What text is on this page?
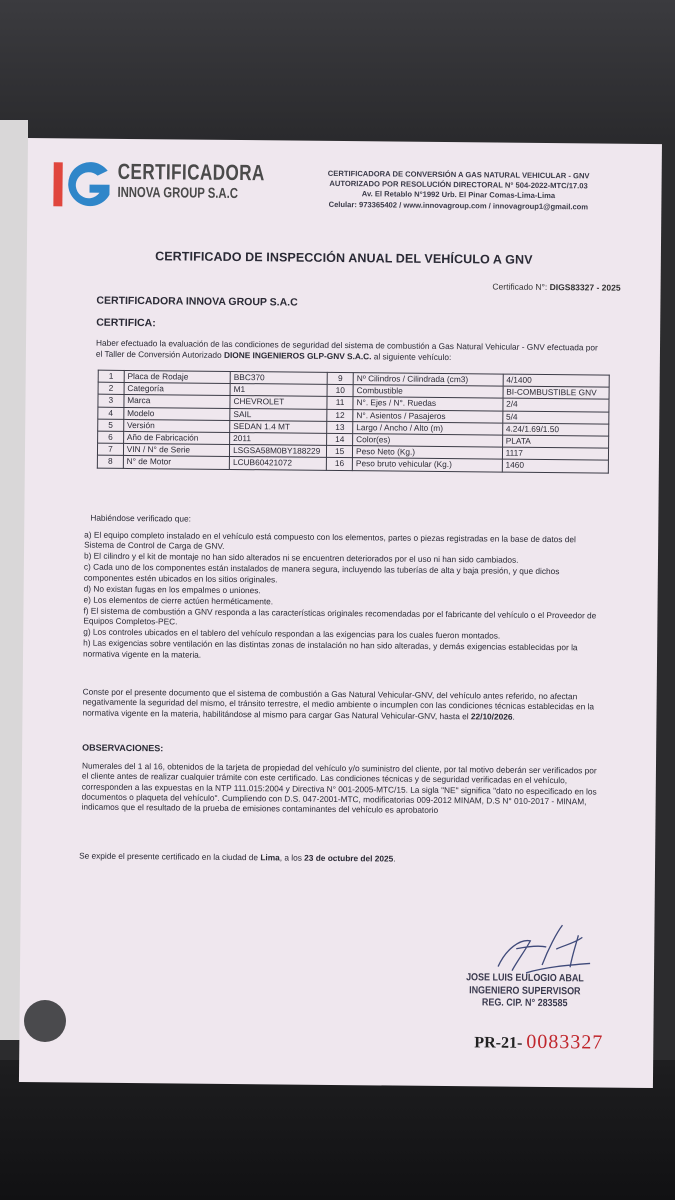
CERTIFICADORA
INNOVA GROUP S.A.C
CERTIFICADORA DE CONVERSIÓN A GAS NATURAL VEHICULAR - GNV
AUTORIZADO POR RESOLUCIÓN DIRECTORAL N° 504-2022-MTC/17.03
Av. El Retablo N°1992 Urb. El Pinar Comas-Lima-Lima
Celular: 973365402 / www.innovagroup.com / innovagroup1@gmail.com
CERTIFICADO DE INSPECCIÓN ANUAL DEL VEHÍCULO A GNV
Certificado N°: DIGS83327 - 2025
CERTIFICADORA INNOVA GROUP S.A.C
CERTIFICA:
Haber efectuado la evaluación de las condiciones de seguridad del sistema de combustión a Gas Natural Vehicular - GNV efectuada por el Taller de Conversión Autorizado DIONE INGENIEROS GLP-GNV S.A.C. al siguiente vehículo:
1	Placa de Rodaje	BBC370	9	Nº Cilindros / Cilindrada (cm3)	4/1400
2	Categoría	M1	10	Combustible	BI-COMBUSTIBLE GNV
3	Marca	CHEVROLET	11	N°. Ejes / N°. Ruedas	2/4
4	Modelo	SAIL	12	N°. Asientos / Pasajeros	5/4
5	Versión	SEDAN 1.4 MT	13	Largo / Ancho / Alto (m)	4.24/1.69/1.50
6	Año de Fabricación	2011	14	Color(es)	PLATA
7	VIN / N° de Serie	LSGSA58M0BY188229	15	Peso Neto (Kg.)	1117
8	N° de Motor	LCUB60421072	16	Peso bruto vehicular (Kg.)	1460
Habiéndose verificado que:
a) El equipo completo instalado en el vehículo está compuesto con los elementos, partes o piezas registradas en la base de datos del Sistema de Control de Carga de GNV.
b) El cilindro y el kit de montaje no han sido alterados ni se encuentren deteriorados por el uso ni han sido cambiados.
c) Cada uno de los componentes están instalados de manera segura, incluyendo las tuberías de alta y baja presión, y que dichos componentes estén ubicados en los sitios originales.
d) No existan fugas en los empalmes o uniones.
e) Los elementos de cierre actúen herméticamente.
f) El sistema de combustión a GNV responda a las características originales recomendadas por el fabricante del vehículo o el Proveedor de Equipos Completos-PEC.
g) Los controles ubicados en el tablero del vehículo respondan a las exigencias para los cuales fueron montados.
h) Las exigencias sobre ventilación en las distintas zonas de instalación no han sido alteradas, y demás exigencias establecidas por la normativa vigente en la materia.
Conste por el presente documento que el sistema de combustión a Gas Natural Vehicular-GNV, del vehículo antes referido, no afectan negativamente la seguridad del mismo, el tránsito terrestre, el medio ambiente o incumplen con las condiciones técnicas establecidas en la normativa vigente en la materia, habilitándose al mismo para cargar Gas Natural Vehicular-GNV, hasta el 22/10/2026.
OBSERVACIONES:
Numerales del 1 al 16, obtenidos de la tarjeta de propiedad del vehículo y/o suministro del cliente, por tal motivo deberán ser verificados por el cliente antes de realizar cualquier trámite con este certificado. Las condiciones técnicas y de seguridad verificadas en el vehículo, corresponden a las expuestas en la NTP 111.015:2004 y Directiva N° 001-2005-MTC/15. La sigla "NE" significa "dato no especificado en los documentos o plaqueta del vehículo". Cumpliendo con D.S. 047-2001-MTC, modificatorias 009-2012 MINAM, D.S N° 010-2017 - MINAM, indicamos que el resultado de la prueba de emisiones contaminantes del vehículo es aprobatorio
Se expide el presente certificado en la ciudad de Lima, a los 23 de octubre del 2025.
JOSE LUIS EULOGIO ABAL
INGENIERO SUPERVISOR
REG. CIP. N° 283585
PR-21- 0083327
